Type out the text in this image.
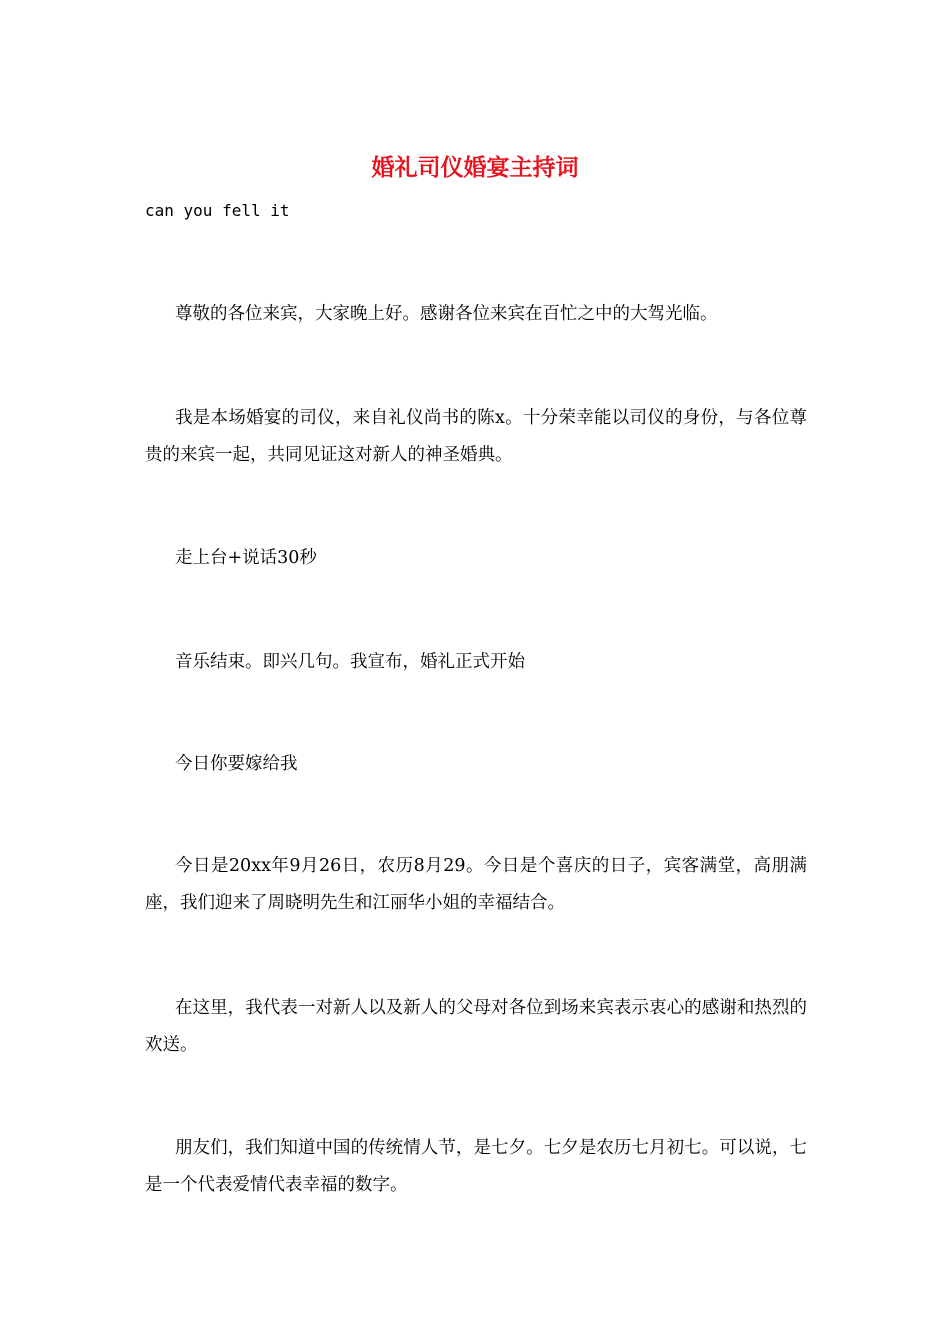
婚礼司仪婚宴主持词
can you fell it

尊敬的各位来宾，大家晚上好。感谢各位来宾在百忙之中的大驾光临。

我是本场婚宴的司仪，来自礼仪尚书的陈x。十分荣幸能以司仪的身份，与各位尊贵的来宾一起，共同见证这对新人的神圣婚典。

走上台+说话30秒

音乐结束。即兴几句。我宣布，婚礼正式开始

今日你要嫁给我

今日是20xx年9月26日，农历8月29。今日是个喜庆的日子，宾客满堂，高朋满座，我们迎来了周晓明先生和江丽华小姐的幸福结合。

在这里，我代表一对新人以及新人的父母对各位到场来宾表示衷心的感谢和热烈的欢送。

朋友们，我们知道中国的传统情人节，是七夕。七夕是农历七月初七。可以说，七是一个代表爱情代表幸福的数字。
